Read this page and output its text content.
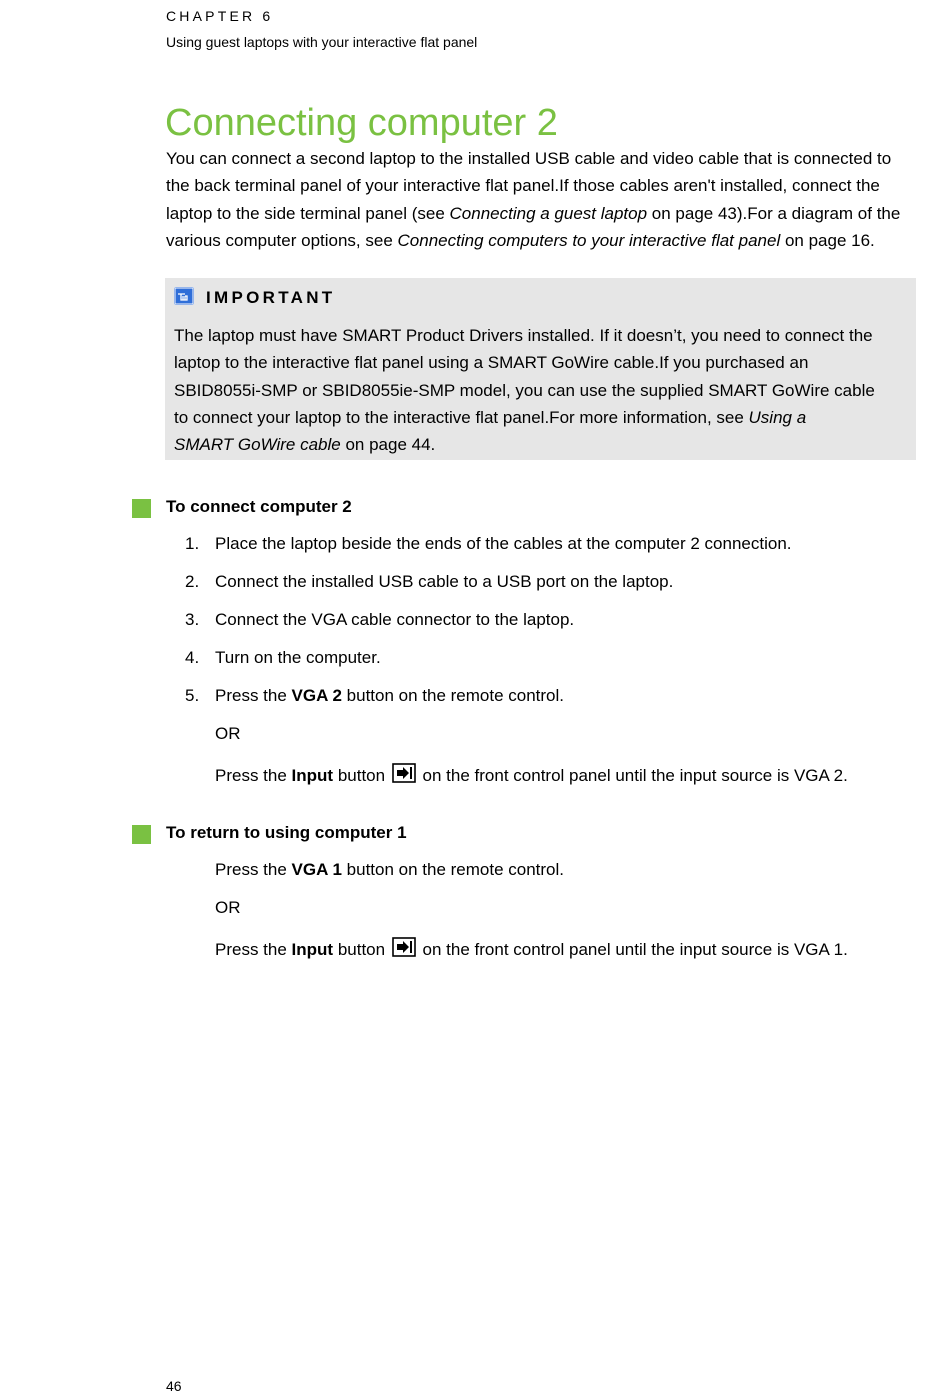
CHAPTER 6
Using guest laptops with your interactive flat panel
Connecting computer 2

You can connect a second laptop to the installed USB cable and video cable that is connected to

the back terminal panel of your interactive flat panel.If those cables aren't installed, connect the

laptop to the side terminal panel (see Connecting a guest laptop on page 43).For a diagram of the

various computer options, see Connecting computers to your interactive flat panel on page 16.

IMPORTANT

The laptop must have SMART Product Drivers installed. If it doesn’t, you need to connect the

laptop to the interactive flat panel using a SMART GoWire cable.If you purchased an

SBID8055i-SMP or SBID8055ie-SMP model, you can use the supplied SMART GoWire cable

to connect your laptop to the interactive flat panel.For more information, see Using a

SMART GoWire cable on page 44.

To connect computer 2
1. Place the laptop beside the ends of the cables at the computer 2 connection.
2. Connect the installed USB cable to a USB port on the laptop.
3. Connect the VGA cable connector to the laptop.
4. Turn on the computer.
5. Press the VGA 2 button on the remote control.
OR
Press the Input button  on the front control panel until the input source is VGA 2.
To return to using computer 1
Press the VGA 1 button on the remote control.
OR
Press the Input button  on the front control panel until the input source is VGA 1.
46
